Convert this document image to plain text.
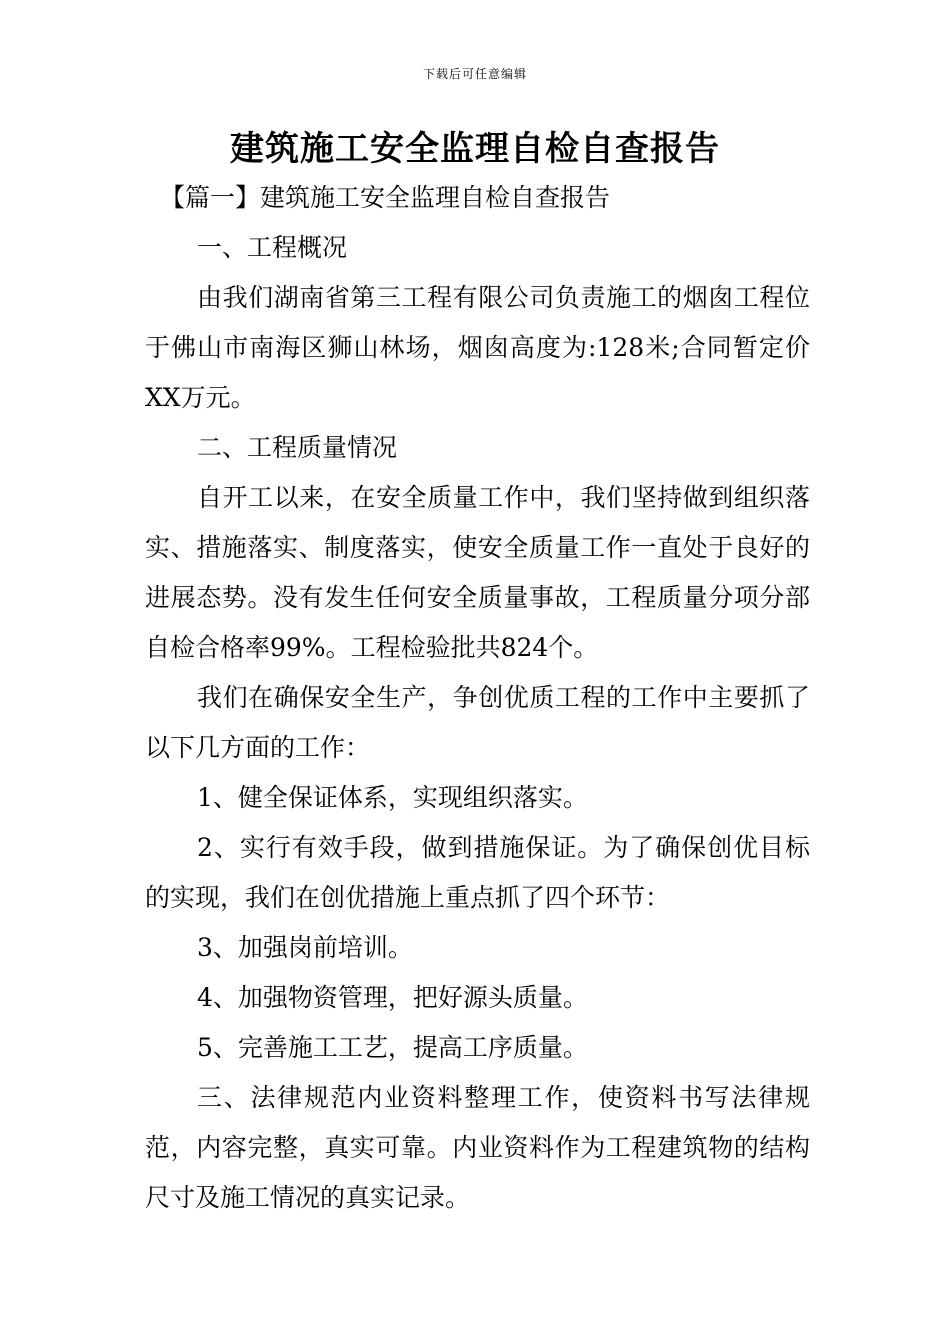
下载后可任意编辑
建筑施工安全监理自检自查报告

【篇一】建筑施工安全监理自检自查报告

一、工程概况

由我们湖南省第三工程有限公司负责施工的烟囱工程位于佛山市南海区狮山林场，烟囱高度为:128米;合同暂定价XX万元。

二、工程质量情况

自开工以来，在安全质量工作中，我们坚持做到组织落实、措施落实、制度落实，使安全质量工作一直处于良好的进展态势。没有发生任何安全质量事故，工程质量分项分部自检合格率99%。工程检验批共824个。

我们在确保安全生产，争创优质工程的工作中主要抓了以下几方面的工作：

1、健全保证体系，实现组织落实。

2、实行有效手段，做到措施保证。为了确保创优目标的实现，我们在创优措施上重点抓了四个环节：

3、加强岗前培训。

4、加强物资管理，把好源头质量。

5、完善施工工艺，提高工序质量。

三、法律规范内业资料整理工作，使资料书写法律规范，内容完整，真实可靠。内业资料作为工程建筑物的结构尺寸及施工情况的真实记录。
